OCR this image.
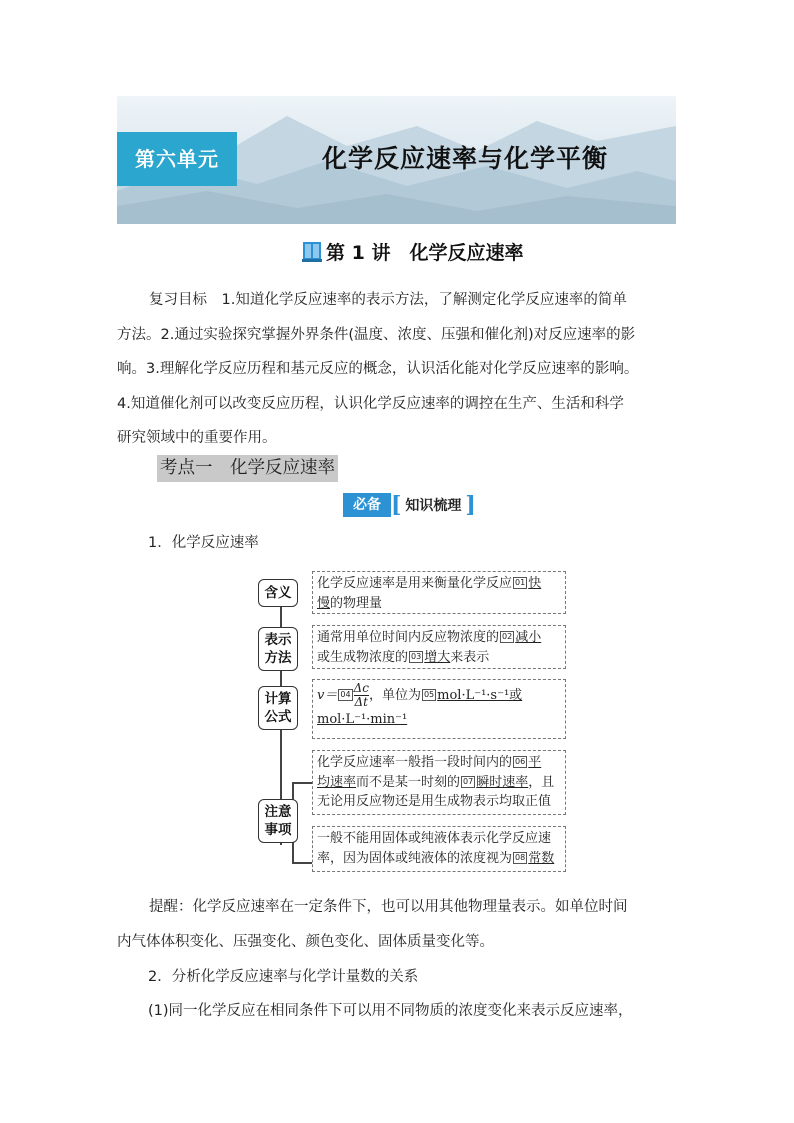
第六单元	化学反应速率与化学平衡
第 1 讲　化学反应速率
复习目标　1.知道化学反应速率的表示方法，了解测定化学反应速率的简单
方法。2.通过实验探究掌握外界条件(温度、浓度、压强和催化剂)对反应速率的影
响。3.理解化学反应历程和基元反应的概念，认识活化能对化学反应速率的影响。
4.知道催化剂可以改变反应历程，认识化学反应速率的调控在生产、生活和科学
研究领域中的重要作用。
考点一　化学反应速率
必备 [ 知识梳理 ]
1．化学反应速率
含义
表示
方法
计算
公式
注意
事项
化学反应速率是用来衡量化学反应 01 快
慢的物理量
通常用单位时间内反应物浓度的 02 减小
或生成物浓度的 03 增大来表示
$v= 04 \frac{\Delta c}{\Delta t}$ ，单位为 05 mol·L⁻¹·s⁻¹或
mol·L⁻¹·min⁻¹
化学反应速率一般指一段时间内的 06 平
均速率而不是某一时刻的 07 瞬时速率，且
无论用反应物还是用生成物表示均取正值
一般不能用固体或纯液体表示化学反应速
率，因为固体或纯液体的浓度视为 08 常数
提醒：化学反应速率在一定条件下，也可以用其他物理量表示。如单位时间
内气体体积变化、压强变化、颜色变化、固体质量变化等。
2．分析化学反应速率与化学计量数的关系
(1)同一化学反应在相同条件下可以用不同物质的浓度变化来表示反应速率，
